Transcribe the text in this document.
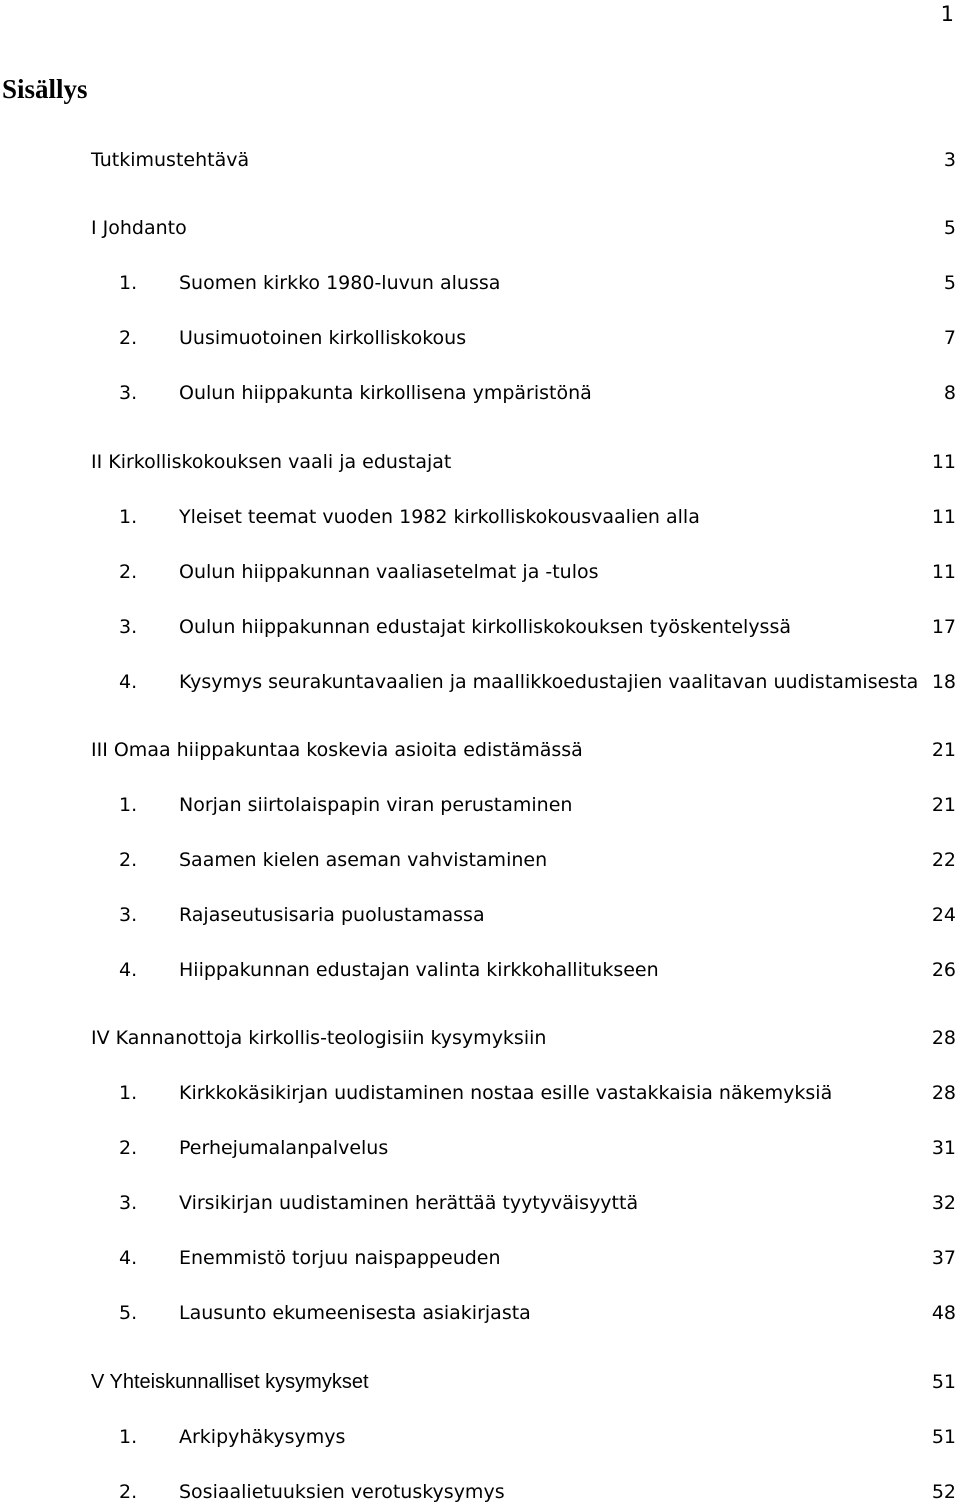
1
Sisällys
Tutkimustehtävä	3
I Johdanto	5
1. Suomen kirkko 1980-luvun alussa	5
2. Uusimuotoinen kirkolliskokous	7
3. Oulun hiippakunta kirkollisena ympäristönä	8
II Kirkolliskokouksen vaali ja edustajat	11
1. Yleiset teemat vuoden 1982 kirkolliskokousvaalien alla	11
2. Oulun hiippakunnan vaaliasetelmat ja -tulos	11
3. Oulun hiippakunnan edustajat kirkolliskokouksen työskentelyssä	17
4. Kysymys seurakuntavaalien ja maallikkoedustajien vaalitavan uudistamisesta 18
III Omaa hiippakuntaa koskevia asioita edistämässä	21
1. Norjan siirtolaispapin viran perustaminen	21
2. Saamen kielen aseman vahvistaminen	22
3. Rajaseutusisaria puolustamassa	24
4. Hiippakunnan edustajan valinta kirkkohallitukseen	26
IV Kannanottoja kirkollis-teologisiin kysymyksiin	28
1. Kirkkokäsikirjan uudistaminen nostaa esille vastakkaisia näkemyksiä	28
2. Perhejumalanpalvelus	31
3. Virsikirjan uudistaminen herättää tyytyväisyyttä	32
4. Enemmistö torjuu naispappeuden	37
5. Lausunto ekumeenisesta asiakirjasta	48
V Yhteiskunnalliset kysymykset	51
1. Arkipyhäkysymys	51
2. Sosiaalietuuksien verotuskysymys	52
